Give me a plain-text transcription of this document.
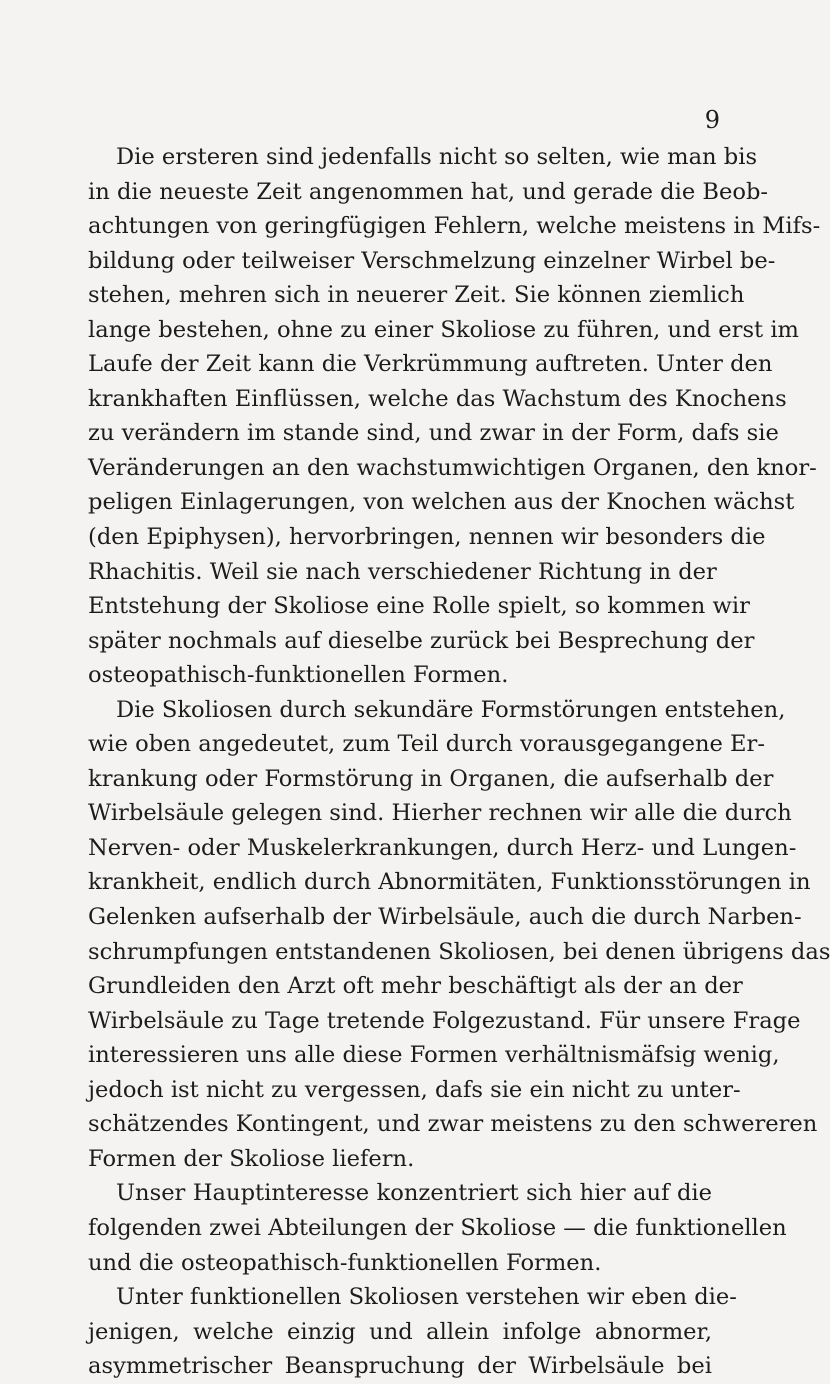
9
Die ersteren sind jedenfalls nicht so selten, wie man bis
in die neueste Zeit angenommen hat, und gerade die Beob-
achtungen von geringfügigen Fehlern, welche meistens in Mifs-
bildung oder teilweiser Verschmelzung einzelner Wirbel be-
stehen, mehren sich in neuerer Zeit. Sie können ziemlich
lange bestehen, ohne zu einer Skoliose zu führen, und erst im
Laufe der Zeit kann die Verkrümmung auftreten. Unter den
krankhaften Einflüssen, welche das Wachstum des Knochens
zu verändern im stande sind, und zwar in der Form, dafs sie
Veränderungen an den wachstumwichtigen Organen, den knor-
peligen Einlagerungen, von welchen aus der Knochen wächst
(den Epiphysen), hervorbringen, nennen wir besonders die
Rhachitis. Weil sie nach verschiedener Richtung in der
Entstehung der Skoliose eine Rolle spielt, so kommen wir
später nochmals auf dieselbe zurück bei Besprechung der
osteopathisch-funktionellen Formen.
Die Skoliosen durch sekundäre Formstörungen entstehen,
wie oben angedeutet, zum Teil durch vorausgegangene Er-
krankung oder Formstörung in Organen, die aufserhalb der
Wirbelsäule gelegen sind. Hierher rechnen wir alle die durch
Nerven- oder Muskelerkrankungen, durch Herz- und Lungen-
krankheit, endlich durch Abnormitäten, Funktionsstörungen in
Gelenken aufserhalb der Wirbelsäule, auch die durch Narben-
schrumpfungen entstandenen Skoliosen, bei denen übrigens das
Grundleiden den Arzt oft mehr beschäftigt als der an der
Wirbelsäule zu Tage tretende Folgezustand. Für unsere Frage
interessieren uns alle diese Formen verhältnismäfsig wenig,
jedoch ist nicht zu vergessen, dafs sie ein nicht zu unter-
schätzendes Kontingent, und zwar meistens zu den schwereren
Formen der Skoliose liefern.
Unser Hauptinteresse konzentriert sich hier auf die
folgenden zwei Abteilungen der Skoliose — die funktionellen
und die osteopathisch-funktionellen Formen.
Unter funktionellen Skoliosen verstehen wir eben die-
jenigen, welche einzig und allein infolge abnormer,
asymmetrischer Beanspruchung der Wirbelsäule bei
